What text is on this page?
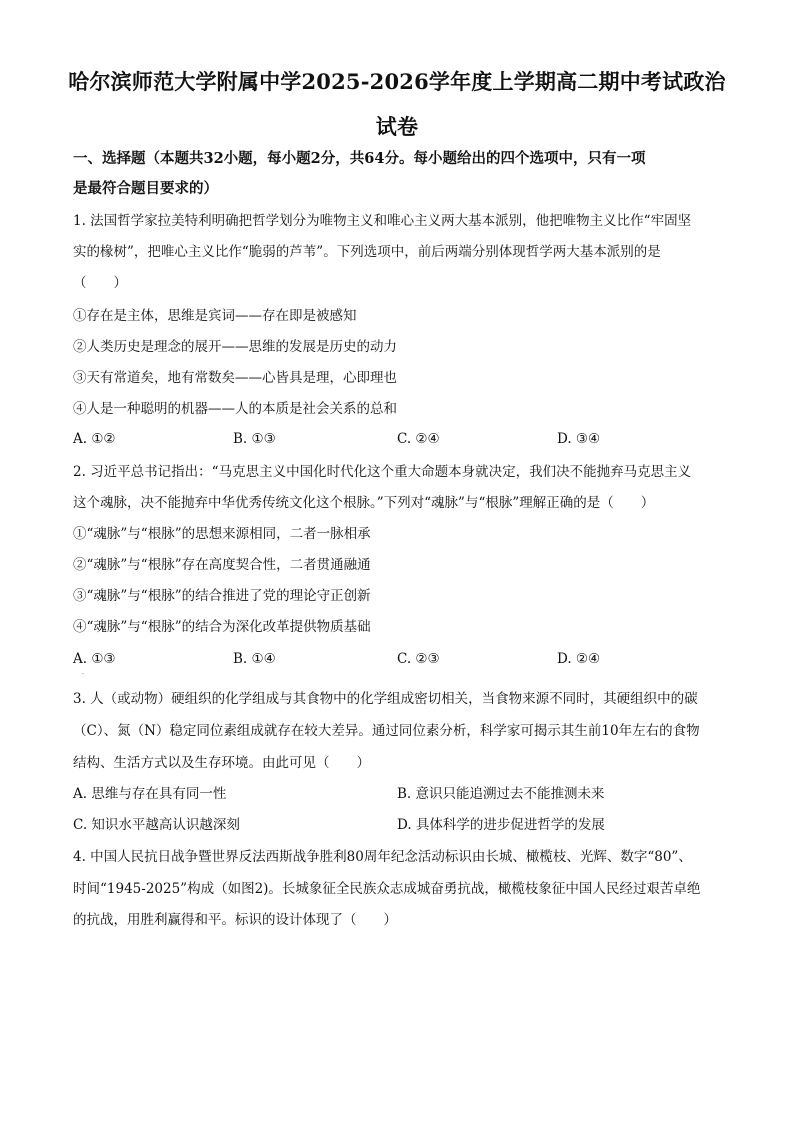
哈尔滨师范大学附属中学2025-2026学年度上学期高二期中考试政治
试卷
一、选择题（本题共32小题，每小题2分，共64分。每小题给出的四个选项中，只有一项
是最符合题目要求的）
1. 法国哲学家拉美特利明确把哲学划分为唯物主义和唯心主义两大基本派别，他把唯物主义比作“牢固坚
实的椽树”，把唯心主义比作“脆弱的芦苇”。下列选项中，前后两端分别体现哲学两大基本派别的是
（　　）
①存在是主体，思维是宾词——存在即是被感知
②人类历史是理念的展开——思维的发展是历史的动力
③天有常道矣，地有常数矣——心皆具是理，心即理也
④人是一种聪明的机器——人的本质是社会关系的总和
A. ①②	B. ①③	C. ②④	D. ③④
2. 习近平总书记指出：“马克思主义中国化时代化这个重大命题本身就决定，我们决不能抛弃马克思主义
这个魂脉，决不能抛弃中华优秀传统文化这个根脉。”下列对“魂脉”与“根脉”理解正确的是（　　）
①“魂脉”与“根脉”的思想来源相同，二者一脉相承
②“魂脉”与“根脉”存在高度契合性，二者贯通融通
③“魂脉”与“根脉”的结合推进了党的理论守正创新
④“魂脉”与“根脉”的结合为深化改革提供物质基础
A. ①③	B. ①④	C. ②③	D. ②④
·
3. 人（或动物）硬组织的化学组成与其食物中的化学组成密切相关，当食物来源不同时，其硬组织中的碳
（C）、氮（N）稳定同位素组成就存在较大差异。通过同位素分析，科学家可揭示其生前10年左右的食物
结构、生活方式以及生存环境。由此可见（　　）
A. 思维与存在具有同一性	B. 意识只能追溯过去不能推测未来
C. 知识水平越高认识越深刻	D. 具体科学的进步促进哲学的发展
4. 中国人民抗日战争暨世界反法西斯战争胜利80周年纪念活动标识由长城、橄榄枝、光辉、数字“80”、
时间“1945-2025”构成（如图2)。长城象征全民族众志成城奋勇抗战，橄榄枝象征中国人民经过艰苦卓绝
的抗战，用胜利赢得和平。标识的设计体现了（　　）
